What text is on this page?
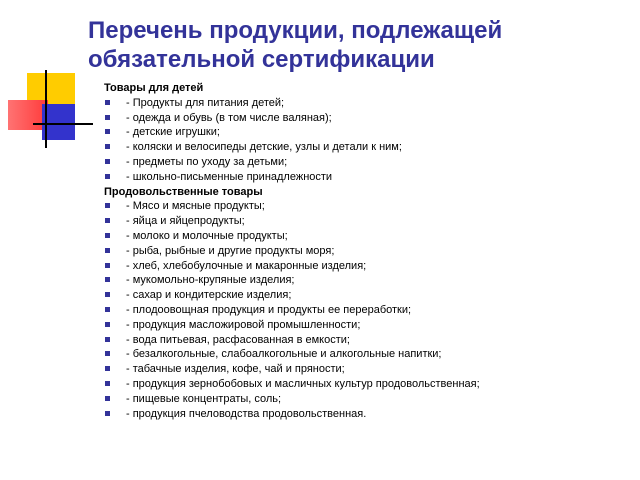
Перечень продукции, подлежащей
обязательной сертификации

Товары для детей

- Продукты для питания детей;
- одежда и обувь (в том числе валяная);
- детские игрушки;
- коляски и велосипеды детские, узлы и детали к ним;
- предметы по уходу за детьми;
- школьно-письменные принадлежности

Продовольственные товары

- Мясо и мясные продукты;
- яйца и яйцепродукты;
- молоко и молочные продукты;
- рыба, рыбные и другие продукты моря;
- хлеб, хлебобулочные и макаронные изделия;
- мукомольно-крупяные изделия;
- сахар и кондитерские изделия;
- плодоовощная продукция и продукты ее переработки;
- продукция масложировой промышленности;
- вода питьевая, расфасованная в емкости;
- безалкогольные, слабоалкогольные и алкогольные напитки;
- табачные изделия, кофе, чай и пряности;
- продукция зернобобовых и масличных культур продовольственная;
- пищевые концентраты, соль;
- продукция пчеловодства продовольственная.
